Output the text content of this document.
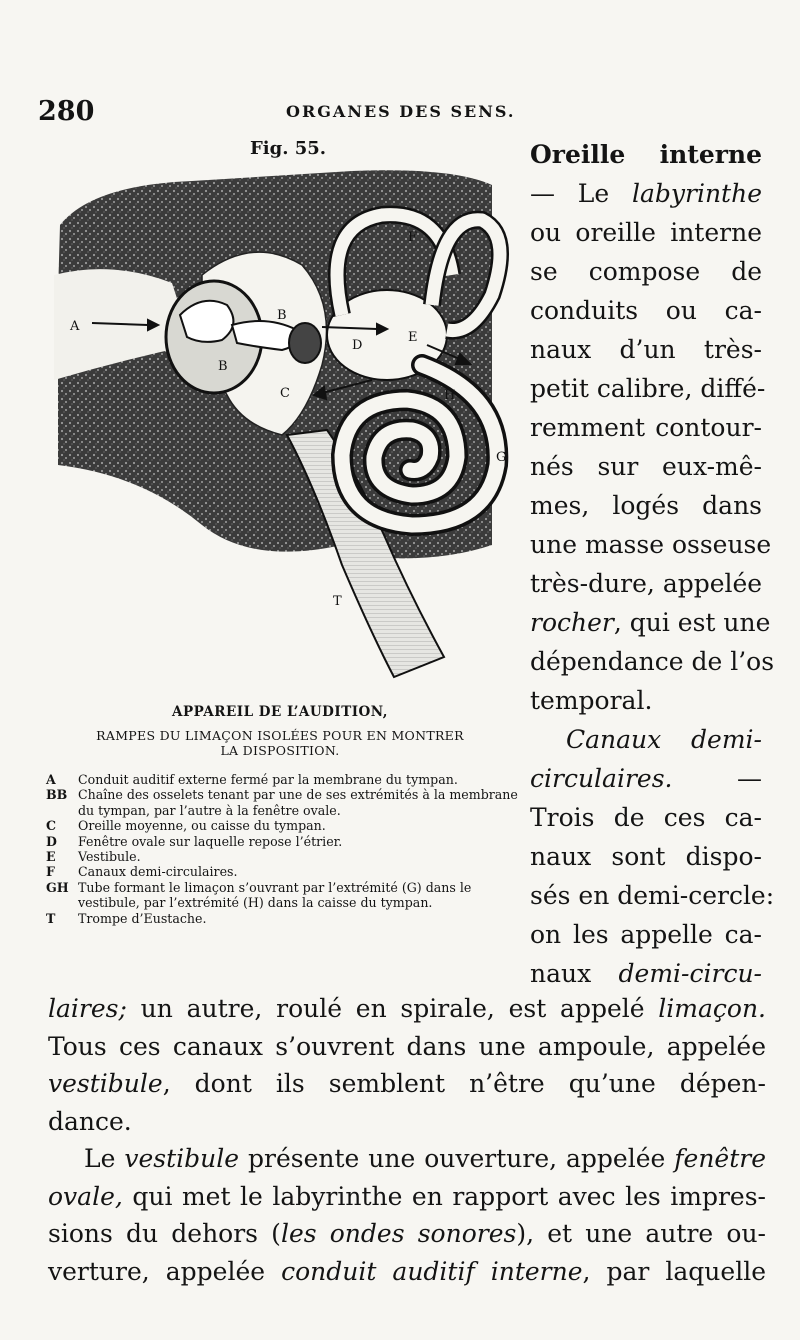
280	ORGANES DES SENS.
Fig. 55.
A
B
B
C
D
E
F
G
H
T
APPAREIL DE L’AUDITION,
RAMPES DU LIMAÇON ISOLÉES POUR EN MONTRER
LA DISPOSITION.
A	Conduit auditif externe fermé par la membrane du tympan.
BB Chaîne des osselets tenant par une de ses extrémités à la membrane du tympan, par l’autre à la fenêtre ovale.
C	Oreille moyenne, ou caisse du tympan.
D	Fenêtre ovale sur laquelle repose l’étrier.
E	Vestibule.
F	Canaux demi-circulaires.
GH Tube formant le limaçon s’ouvrant par l’extrémité (G) dans le vestibule, par l’extrémité (H) dans la caisse du tympan.
T	Trompe d’Eustache.
Oreille interne
— Le labyrinthe
ou oreille interne
se compose de
conduits ou ca-
naux d’un très-
petit calibre, diffé-
remment contour-
nés sur eux-mê-
mes, logés dans
une masse osseuse
très-dure, appelée
rocher, qui est une
dépendance de l’os
temporal.
Canaux demi-
circulaires. —
Trois de ces ca-
naux sont dispo-
sés en demi-cercle:
on les appelle ca-
naux demi-circu-
laires; un autre, roulé en spirale, est appelé limaçon.
Tous ces canaux s’ouvrent dans une ampoule, appelée
vestibule, dont ils semblent n’être qu’une dépen-
dance.
Le vestibule présente une ouverture, appelée fenêtre
ovale, qui met le labyrinthe en rapport avec les impres-
sions du dehors (les ondes sonores), et une autre ou-
verture, appelée conduit auditif interne, par laquelle
